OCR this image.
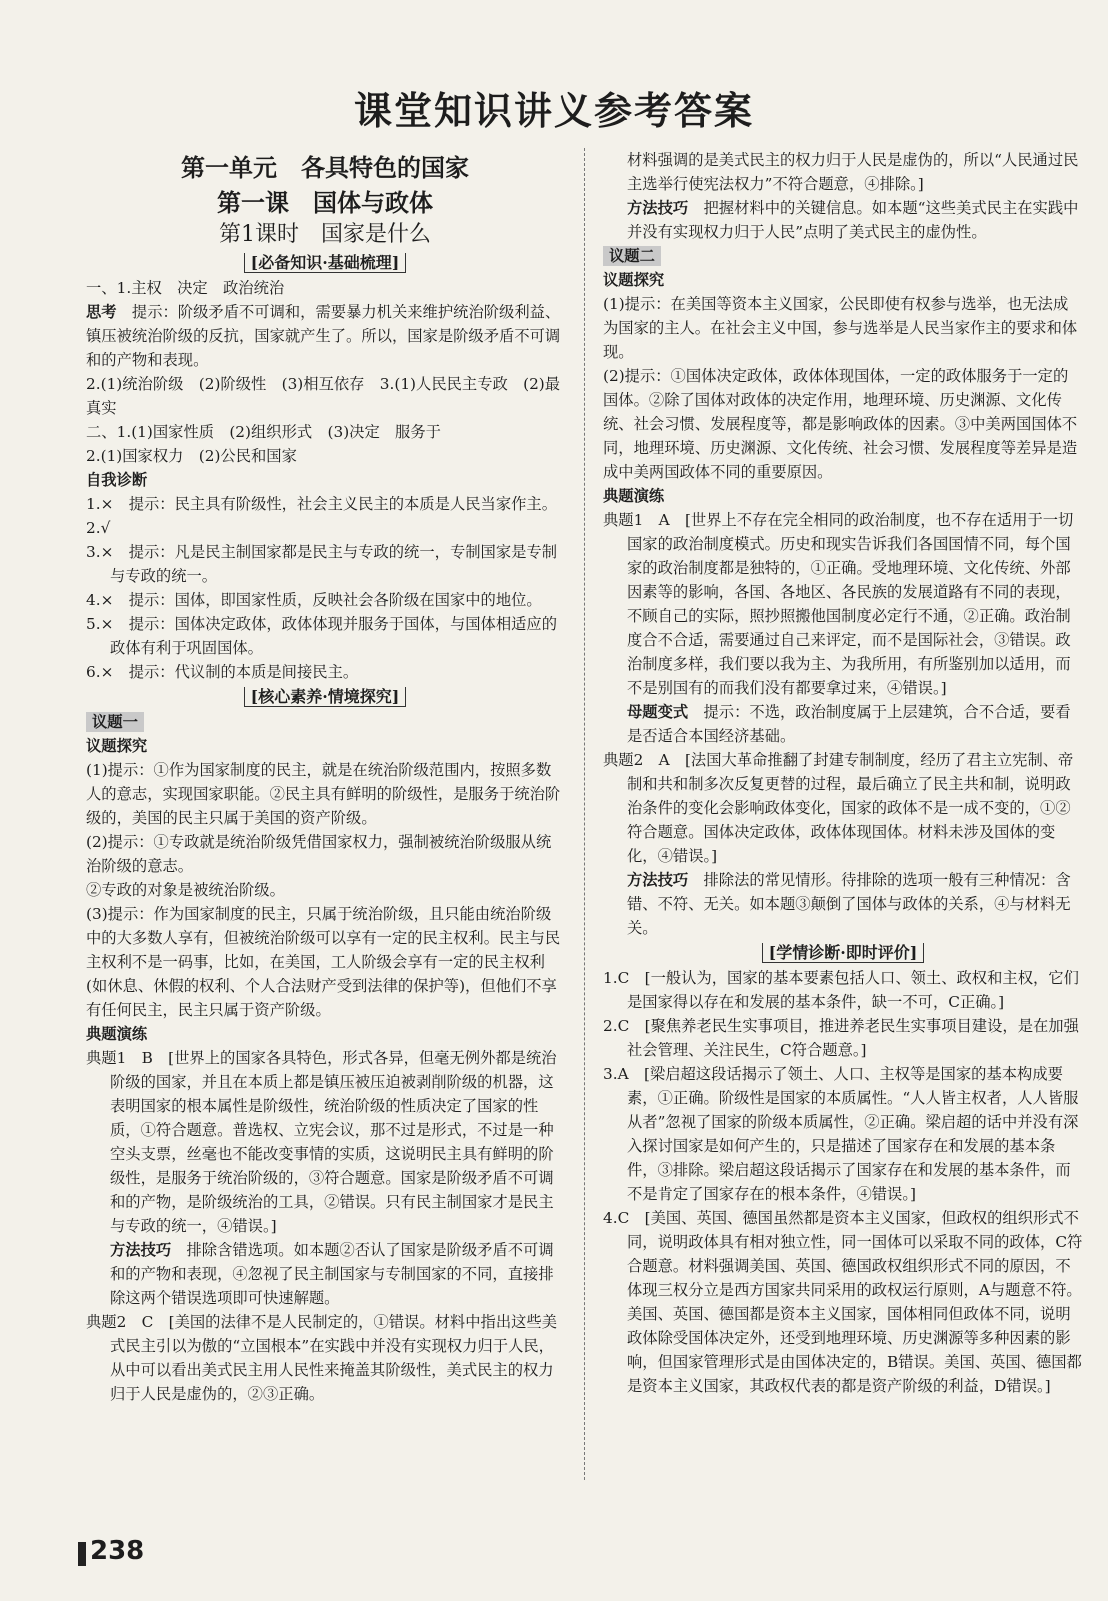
课堂知识讲义参考答案
第一单元　各具特色的国家
第一课　国体与政体
第1课时　国家是什么
[必备知识·基础梳理]
一、1.主权　决定　政治统治
思考　提示：阶级矛盾不可调和，需要暴力机关来维护统治阶级利益、镇压被统治阶级的反抗，国家就产生了。所以，国家是阶级矛盾不可调和的产物和表现。
2.(1)统治阶级　(2)阶级性　(3)相互依存　3.(1)人民民主专政　(2)最真实
二、1.(1)国家性质　(2)组织形式　(3)决定　服务于
2.(1)国家权力　(2)公民和国家
自我诊断
1.×　提示：民主具有阶级性，社会主义民主的本质是人民当家作主。
2.√
3.×　提示：凡是民主制国家都是民主与专政的统一，专制国家是专制与专政的统一。
4.×　提示：国体，即国家性质，反映社会各阶级在国家中的地位。
5.×　提示：国体决定政体，政体体现并服务于国体，与国体相适应的政体有利于巩固国体。
6.×　提示：代议制的本质是间接民主。
[核心素养·情境探究]
议题一
议题探究
(1)提示：①作为国家制度的民主，就是在统治阶级范围内，按照多数人的意志，实现国家职能。②民主具有鲜明的阶级性，是服务于统治阶级的，美国的民主只属于美国的资产阶级。
(2)提示：①专政就是统治阶级凭借国家权力，强制被统治阶级服从统治阶级的意志。
②专政的对象是被统治阶级。
(3)提示：作为国家制度的民主，只属于统治阶级，且只能由统治阶级中的大多数人享有，但被统治阶级可以享有一定的民主权利。民主与民主权利不是一码事，比如，在美国，工人阶级会享有一定的民主权利(如休息、休假的权利、个人合法财产受到法律的保护等)，但他们不享有任何民主，民主只属于资产阶级。
典题演练
典题1　B　[世界上的国家各具特色，形式各异，但毫无例外都是统治阶级的国家，并且在本质上都是镇压被压迫被剥削阶级的机器，这表明国家的根本属性是阶级性，统治阶级的性质决定了国家的性质，①符合题意。普选权、立宪会议，那不过是形式，不过是一种空头支票，丝毫也不能改变事情的实质，这说明民主具有鲜明的阶级性，是服务于统治阶级的，③符合题意。国家是阶级矛盾不可调和的产物，是阶级统治的工具，②错误。只有民主制国家才是民主与专政的统一，④错误。]
方法技巧　排除含错选项。如本题②否认了国家是阶级矛盾不可调和的产物和表现，④忽视了民主制国家与专制国家的不同，直接排除这两个错误选项即可快速解题。
典题2　C　[美国的法律不是人民制定的，①错误。材料中指出这些美式民主引以为傲的“立国根本”在实践中并没有实现权力归于人民，从中可以看出美式民主用人民性来掩盖其阶级性，美式民主的权力归于人民是虚伪的，②③正确。
材料强调的是美式民主的权力归于人民是虚伪的，所以“人民通过民主选举行使宪法权力”不符合题意，④排除。]
方法技巧　把握材料中的关键信息。如本题“这些美式民主在实践中并没有实现权力归于人民”点明了美式民主的虚伪性。
议题二
议题探究
(1)提示：在美国等资本主义国家，公民即使有权参与选举，也无法成为国家的主人。在社会主义中国，参与选举是人民当家作主的要求和体现。
(2)提示：①国体决定政体，政体体现国体，一定的政体服务于一定的国体。②除了国体对政体的决定作用，地理环境、历史渊源、文化传统、社会习惯、发展程度等，都是影响政体的因素。③中美两国国体不同，地理环境、历史渊源、文化传统、社会习惯、发展程度等差异是造成中美两国政体不同的重要原因。
典题演练
典题1　A　[世界上不存在完全相同的政治制度，也不存在适用于一切国家的政治制度模式。历史和现实告诉我们各国国情不同，每个国家的政治制度都是独特的，①正确。受地理环境、文化传统、外部因素等的影响，各国、各地区、各民族的发展道路有不同的表现，不顾自己的实际，照抄照搬他国制度必定行不通，②正确。政治制度合不合适，需要通过自己来评定，而不是国际社会，③错误。政治制度多样，我们要以我为主、为我所用，有所鉴别加以适用，而不是别国有的而我们没有都要拿过来，④错误。]
母题变式　提示：不选，政治制度属于上层建筑，合不合适，要看是否适合本国经济基础。
典题2　A　[法国大革命推翻了封建专制制度，经历了君主立宪制、帝制和共和制多次反复更替的过程，最后确立了民主共和制，说明政治条件的变化会影响政体变化，国家的政体不是一成不变的，①②符合题意。国体决定政体，政体体现国体。材料未涉及国体的变化，④错误。]
方法技巧　排除法的常见情形。待排除的选项一般有三种情况：含错、不符、无关。如本题③颠倒了国体与政体的关系，④与材料无关。
[学情诊断·即时评价]
1.C　[一般认为，国家的基本要素包括人口、领土、政权和主权，它们是国家得以存在和发展的基本条件，缺一不可，C正确。]
2.C　[聚焦养老民生实事项目，推进养老民生实事项目建设，是在加强社会管理、关注民生，C符合题意。]
3.A　[梁启超这段话揭示了领土、人口、主权等是国家的基本构成要素，①正确。阶级性是国家的本质属性。“人人皆主权者，人人皆服从者”忽视了国家的阶级本质属性，②正确。梁启超的话中并没有深入探讨国家是如何产生的，只是描述了国家存在和发展的基本条件，③排除。梁启超这段话揭示了国家存在和发展的基本条件，而不是肯定了国家存在的根本条件，④错误。]
4.C　[美国、英国、德国虽然都是资本主义国家，但政权的组织形式不同，说明政体具有相对独立性，同一国体可以采取不同的政体，C符合题意。材料强调美国、英国、德国政权组织形式不同的原因，不体现三权分立是西方国家共同采用的政权运行原则，A与题意不符。美国、英国、德国都是资本主义国家，国体相同但政体不同，说明政体除受国体决定外，还受到地理环境、历史渊源等多种因素的影响，但国家管理形式是由国体决定的，B错误。美国、英国、德国都是资本主义国家，其政权代表的都是资产阶级的利益，D错误。]
238
